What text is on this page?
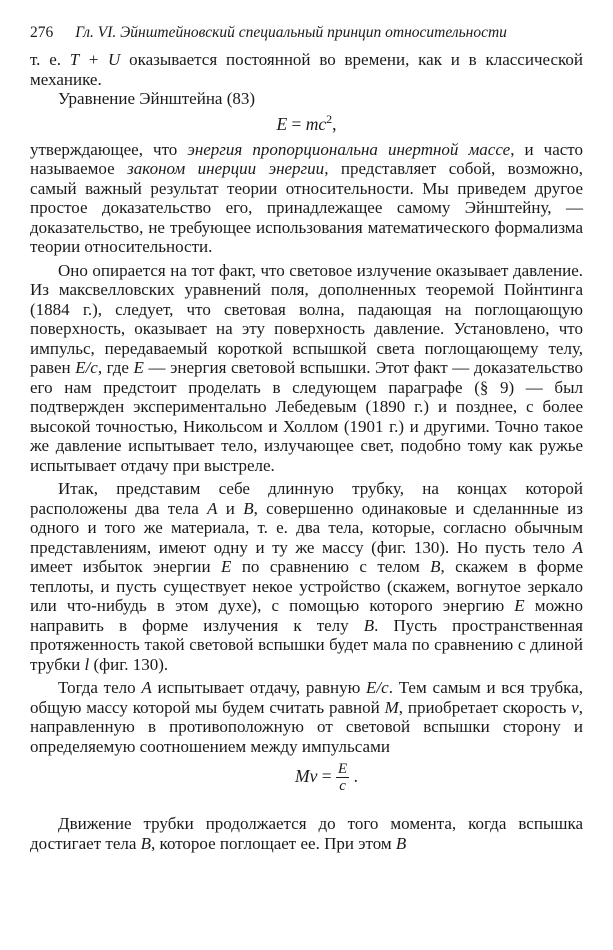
276 Гл. VI. Эйнштейновский специальный принцип относительности

т. е. T + U оказывается постоянной во времени, как и в классической механике.

Уравнение Эйнштейна (83)

$E = mc^2$,

утверждающее, что энергия пропорциональна инертной массе, и часто называемое законом инерции энергии, представляет собой, возможно, самый важный результат теории относительности. Мы приведем другое простое доказательство его, принадлежащее самому Эйнштейну, — доказательство, не требующее использования математического формализма теории относительности.

Оно опирается на тот факт, что световое излучение оказывает давление. Из максвелловских уравнений поля, дополненных теоремой Пойнтинга (1884 г.), следует, что световая волна, падающая на поглощающую поверхность, оказывает на эту поверхность давление. Установлено, что импульс, передаваемый короткой вспышкой света поглощающему телу, равен E/c, где E — энергия световой вспышки. Этот факт — доказательство его нам предстоит проделать в следующем параграфе (§ 9) — был подтвержден экспериментально Лебедевым (1890 г.) и позднее, с более высокой точностью, Никольсом и Холлом (1901 г.) и другими. Точно такое же давление испытывает тело, излучающее свет, подобно тому как ружье испытывает отдачу при выстреле.

Итак, представим себе длинную трубку, на концах которой расположены два тела A и B, совершенно одинаковые и сделаннные из одного и того же материала, т. е. два тела, которые, согласно обычным представлениям, имеют одну и ту же массу (фиг. 130). Но пусть тело A имеет избыток энергии E по сравнению с телом B, скажем в форме теплоты, и пусть существует некое устройство (скажем, вогнутое зеркало или что-нибудь в этом духе), с помощью которого энергию E можно направить в форме излучения к телу B. Пусть пространственная протяженность такой световой вспышки будет мала по сравнению с длиной трубки l (фиг. 130).

Тогда тело A испытывает отдачу, равную E/c. Тем самым и вся трубка, общую массу которой мы будем считать равной M, приобретает скорость v, направленную в противоположную от световой вспышки сторону и определяемую соотношением между импульсами

$Mv = \frac{E}{c}$ .

Движение трубки продолжается до того момента, когда вспышка достигает тела B, которое поглощает ее. При этом B
